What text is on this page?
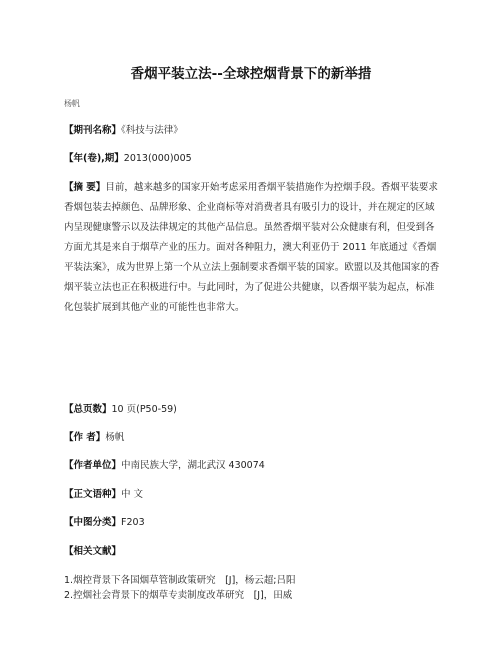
香烟平装立法--全球控烟背景下的新举措
杨帆
【期刊名称】《科技与法律》
【年(卷),期】2013(000)005
【摘 要】目前，越来越多的国家开始考虑采用香烟平装措施作为控烟手段。香烟平装要求香烟包装去掉颜色、品牌形象、企业商标等对消费者具有吸引力的设计，并在规定的区域内呈现健康警示以及法律规定的其他产品信息。虽然香烟平装对公众健康有利，但受到各方面尤其是来自于烟草产业的压力。面对各种阻力，澳大利亚仍于 2011 年底通过《香烟平装法案》，成为世界上第一个从立法上强制要求香烟平装的国家。欧盟以及其他国家的香烟平装立法也正在积极进行中。与此同时，为了促进公共健康，以香烟平装为起点，标准化包装扩展到其他产业的可能性也非常大。
【总页数】10 页(P50-59)
【作 者】杨帆
【作者单位】中南民族大学，湖北武汉 430074
【正文语种】中 文
【中图分类】F203
【相关文献】
1.烟控背景下各国烟草管制政策研究　[J]，杨云超;吕阳
2.控烟社会背景下的烟草专卖制度改革研究　[J]，田威
